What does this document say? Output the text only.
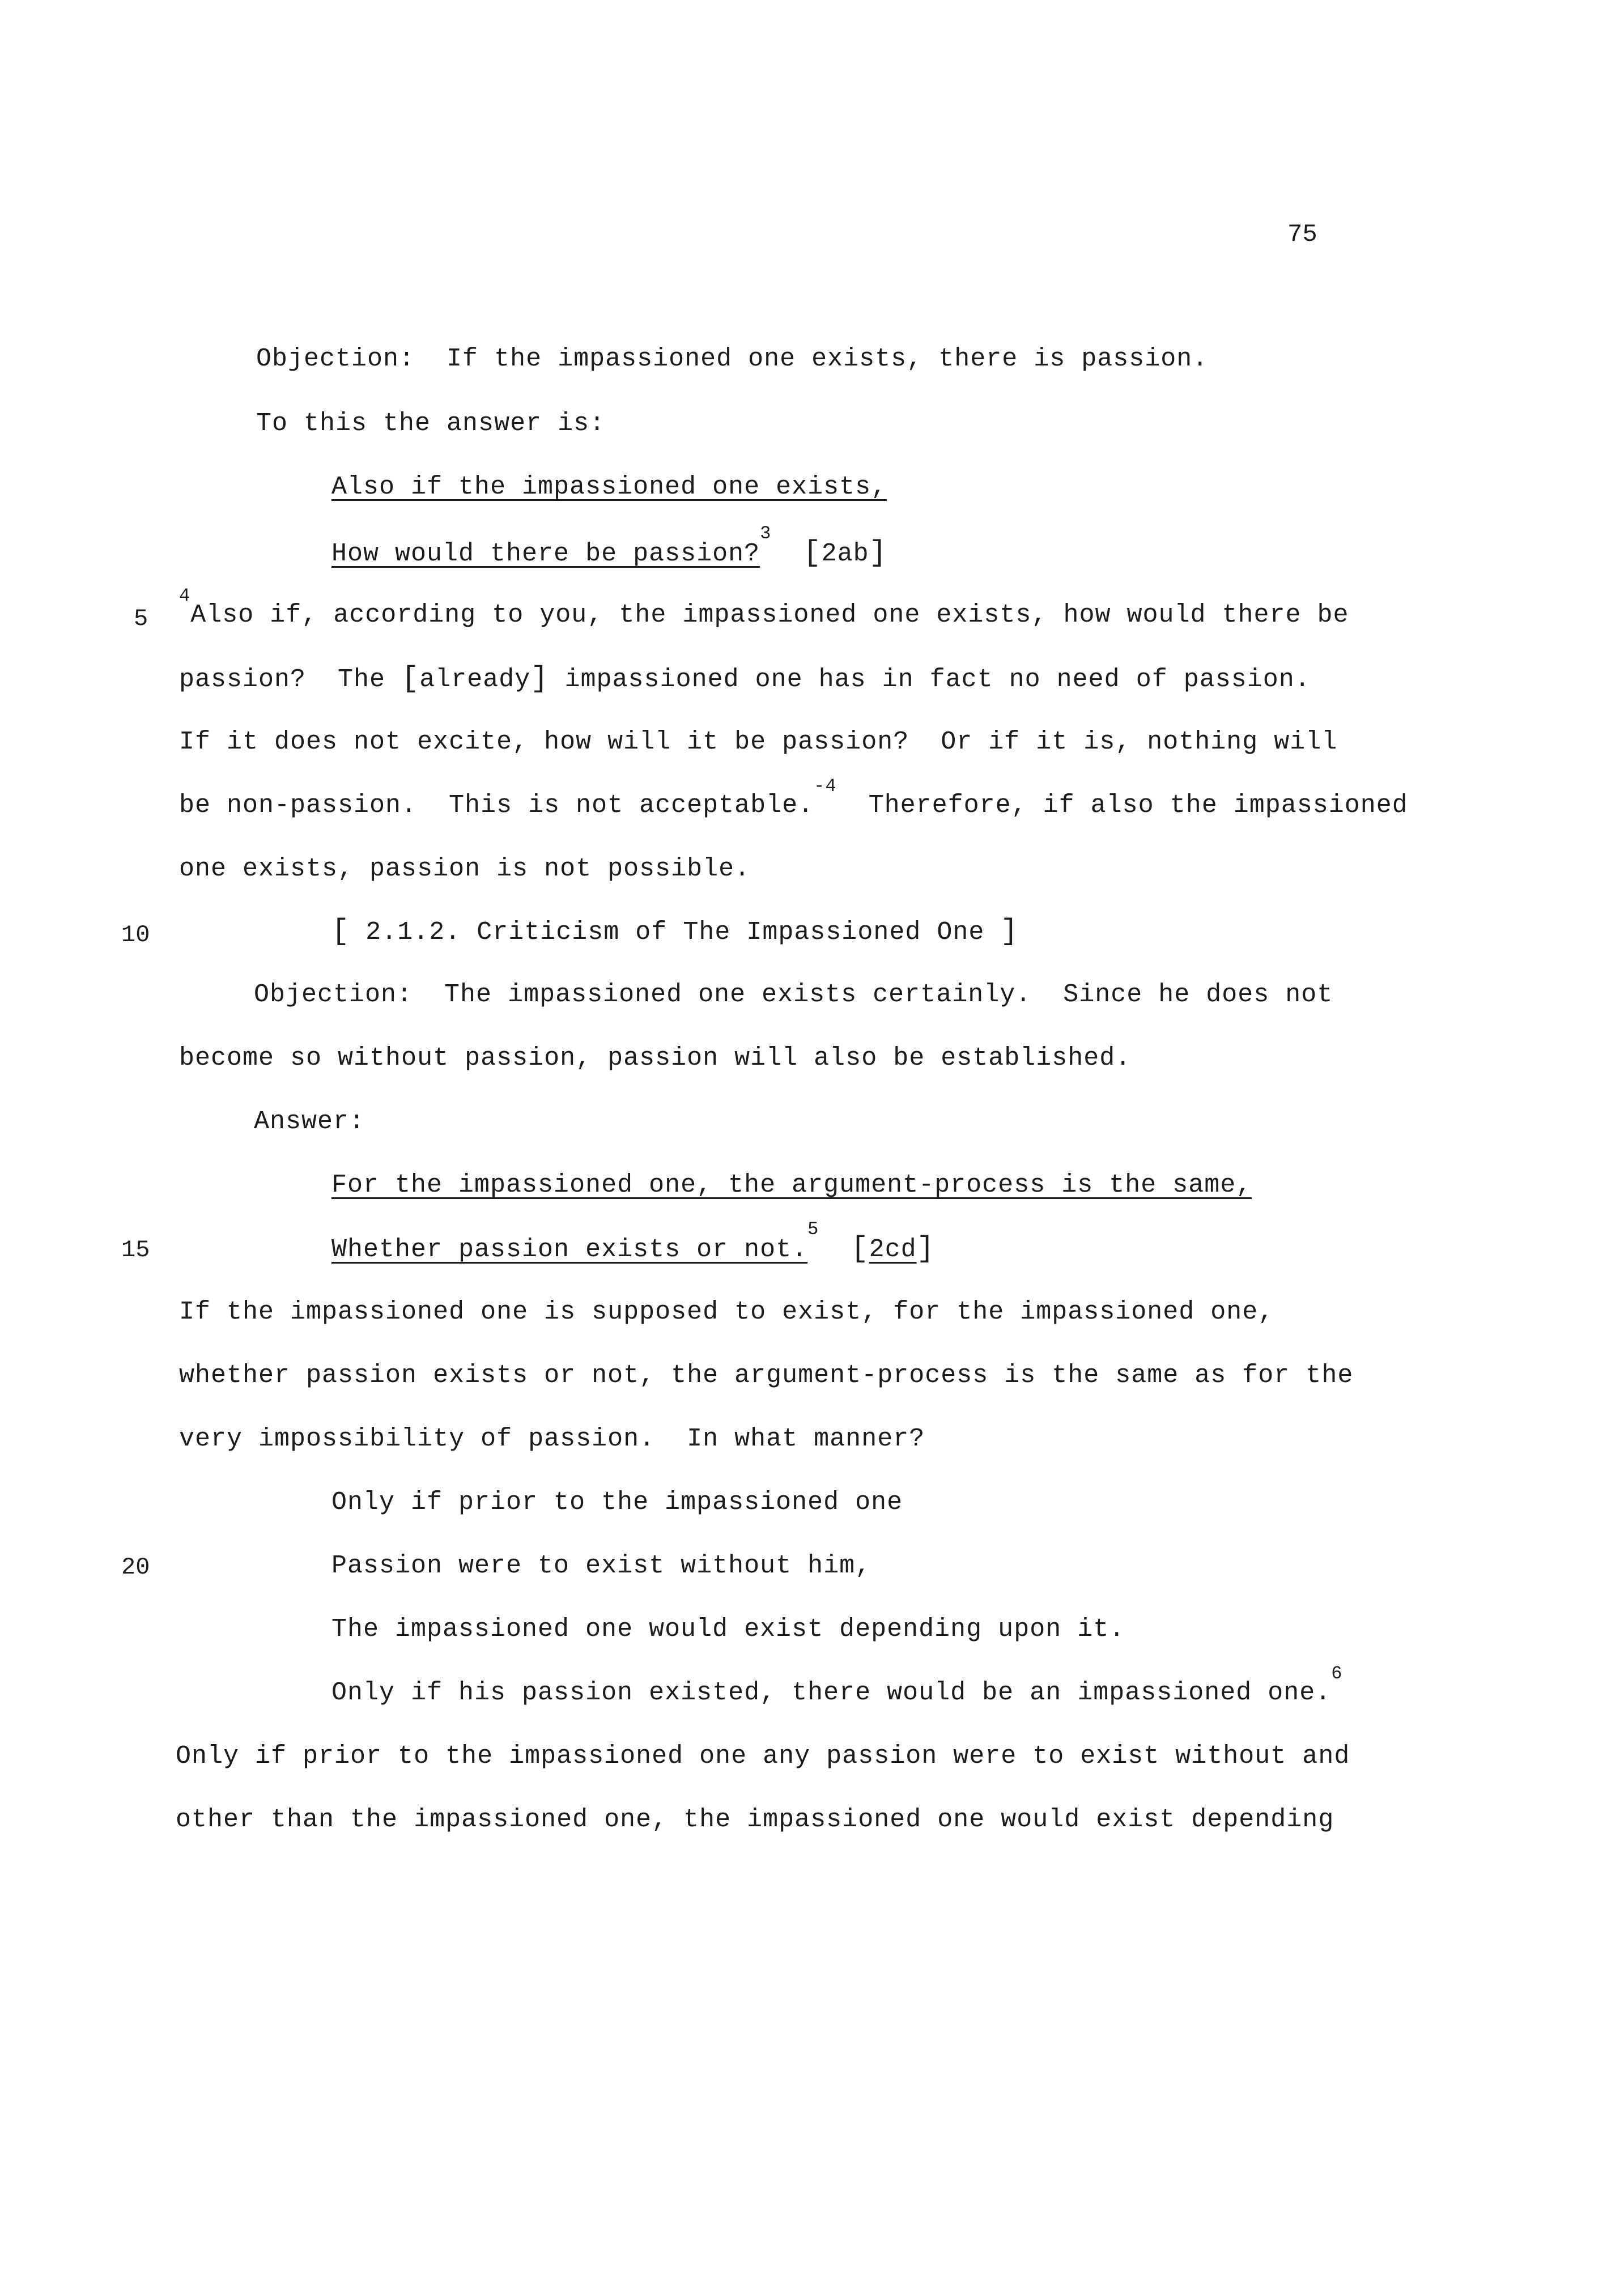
75
Objection:  If the impassioned one exists, there is passion.
To this the answer is:
Also if the impassioned one exists,
How would there be passion?$^3$  [2ab]
5
$^4$Also if, according to you, the impassioned one exists, how would there be
passion?  The [already] impassioned one has in fact no need of passion.
If it does not excite, how will it be passion?  Or if it is, nothing will
be non-passion.  This is not acceptable.$^{-4}$  Therefore, if also the impassioned
one exists, passion is not possible.
10	[ 2.1.2. Criticism of The Impassioned One ]
Objection:  The impassioned one exists certainly.  Since he does not
become so without passion, passion will also be established.
Answer:
For the impassioned one, the argument-process is the same,
15	Whether passion exists or not.$^5$  [2cd]
If the impassioned one is supposed to exist, for the impassioned one,
whether passion exists or not, the argument-process is the same as for the
very impossibility of passion.  In what manner?
Only if prior to the impassioned one
20	Passion were to exist without him,
The impassioned one would exist depending upon it.
Only if his passion existed, there would be an impassioned one.$^6$
Only if prior to the impassioned one any passion were to exist without and
other than the impassioned one, the impassioned one would exist depending
